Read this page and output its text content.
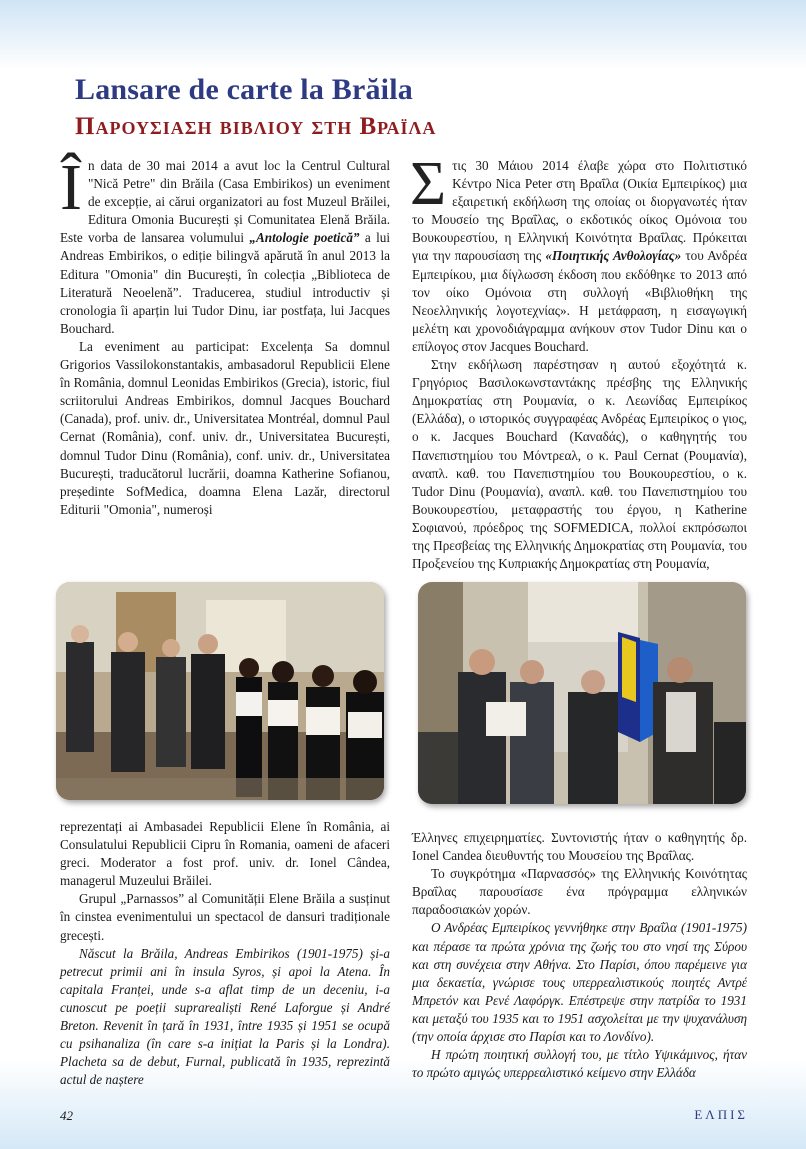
Lansare de carte la Brăila
Παρουσιαση βιβλιου στη Βραϊλα

În data de 30 mai 2014 a avut loc la Centrul Cultural "Nică Petre" din Brăila (Casa Embirikos) un eveniment de excepție, ai cărui organizatori au fost Muzeul Brăilei, Editura Omonia București și Comunitatea Elenă Brăila. Este vorba de lansarea volumului „Antologie poetică” a lui Andreas Embirikos, o ediție bilingvă apărută în anul 2013 la Editura "Omonia" din București, în colecția „Biblioteca de Literatură Neoelenă”. Traducerea, studiul introductiv și cronologia îi aparțin lui Tudor Dinu, iar postfața, lui Jacques Bouchard.

La eveniment au participat: Excelența Sa domnul Grigorios Vassilokonstantakis, ambasadorul Republicii Elene în România, domnul Leonidas Embirikos (Grecia), istoric, fiul scriitorului Andreas Embirikos, domnul Jacques Bouchard (Canada), prof. univ. dr., Universitatea Montréal, domnul Paul Cernat (România), conf. univ. dr., Universitatea București, domnul Tudor Dinu (România), conf. univ. dr., Universitatea București, traducătorul lucrării, doamna Katherine Sofianou, președinte SofMedica, doamna Elena Lazăr, directorul Editurii "Omonia", numeroși

Στις 30 Μάιου 2014 έλαβε χώρα στο Πολιτιστικό Κέντρο Nica Peter στη Βραΐλα (Οικία Εμπειρίκος) μια εξαιρετική εκδήλωση της οποίας οι διοργανωτές ήταν το Μουσείο της Βραΐλας, ο εκδοτικός οίκος Ομόνοια του Βουκουρεστίου, η Ελληνική Κοινότητα Βραΐλας. Πρόκειται για την παρουσίαση της «Ποιητικής Ανθολογίας» του Ανδρέα Εμπειρίκου, μια δίγλωσση έκδοση που εκδόθηκε το 2013 από τον οίκο Ομόνοια στη συλλογή «Βιβλιοθήκη της Νεοελληνικής λογοτεχνίας». Η μετάφραση, η εισαγωγική μελέτη και χρονοδιάγραμμα ανήκουν στον Tudor Dinu και ο επίλογος στον Jacques Bouchard.

Στην εκδήλωση παρέστησαν η αυτού εξοχότητά κ. Γρηγόριος Βασιλοκωνσταντάκης πρέσβης της Ελληνικής Δημοκρατίας στη Ρουμανία, ο κ. Λεωνίδας Εμπειρίκος (Ελλάδα), ο ιστορικός συγγραφέας Ανδρέας Εμπειρίκος ο γιος, ο κ. Jacques Bouchard (Καναδάς), ο καθηγητής του Πανεπιστημίου του Μόντρεαλ, ο κ. Paul Cernat (Ρουμανία), αναπλ. καθ. του Πανεπιστημίου του Βουκουρεστίου, ο κ. Tudor Dinu (Ρουμανία), αναπλ. καθ. του Πανεπιστημίου του Βουκουρεστίου, μεταφραστής του έργου, η Katherine Σοφιανού, πρόεδρος της SOFMEDICA, πολλοί εκπρόσωποι της Πρεσβείας της Ελληνικής Δημοκρατίας στη Ρουμανία, του Προξενείου της Κυπριακής Δημοκρατίας στη Ρουμανία,

reprezentați ai Ambasadei Republicii Elene în România, ai Consulatului Republicii Cipru în Romania, oameni de afaceri greci. Moderator a fost prof. univ. dr. Ionel Cândea, managerul Muzeului Brăilei.

Grupul „Parnassos” al Comunității Elene Brăila a susținut în cinstea evenimentului un spectacol de dansuri tradiționale grecești.

Născut la Brăila, Andreas Embirikos (1901-1975) și-a petrecut primii ani în insula Syros, și apoi la Atena. În capitala Franței, unde s-a aflat timp de un deceniu, i-a cunoscut pe poeții suprarealiști René Laforgue și André Breton. Revenit în țară în 1931, între 1935 și 1951 se ocupă cu psihanaliza (în care s-a inițiat la Paris și la Londra). Placheta sa de debut, Furnal, publicată în 1935, reprezintă actul de naștere

Έλληνες επιχειρηματίες. Συντονιστής ήταν ο καθηγητής δρ. Ionel Candea διευθυντής του Μουσείου της Βραΐλας.

Το συγκρότημα «Παρνασσός» της Ελληνικής Κοινότητας Βραΐλας παρουσίασε ένα πρόγραμμα ελληνικών παραδοσιακών χορών.

Ο Ανδρέας Εμπειρίκος γεννήθηκε στην Βραΐλα (1901-1975) και πέρασε τα πρώτα χρόνια της ζωής του στο νησί της Σύρου και στη συνέχεια στην Αθήνα. Στο Παρίσι, όπου παρέμεινε για μια δεκαετία, γνώρισε τους υπερρεαλιστικούς ποιητές Αντρέ Μπρετόν και Ρενέ Λαφόργκ. Επέστρεψε στην πατρίδα το 1931 και μεταξύ του 1935 και το 1951 ασχολείται με την ψυχανάλυση (την οποία άρχισε στο Παρίσι και το Λονδίνο).

Η πρώτη ποιητική συλλογή του, με τίτλο Υψικάμινος, ήταν το πρώτο αμιγώς υπερρεαλιστικό κείμενο στην Ελλάδα

42	ΕΛΠΙΣ
